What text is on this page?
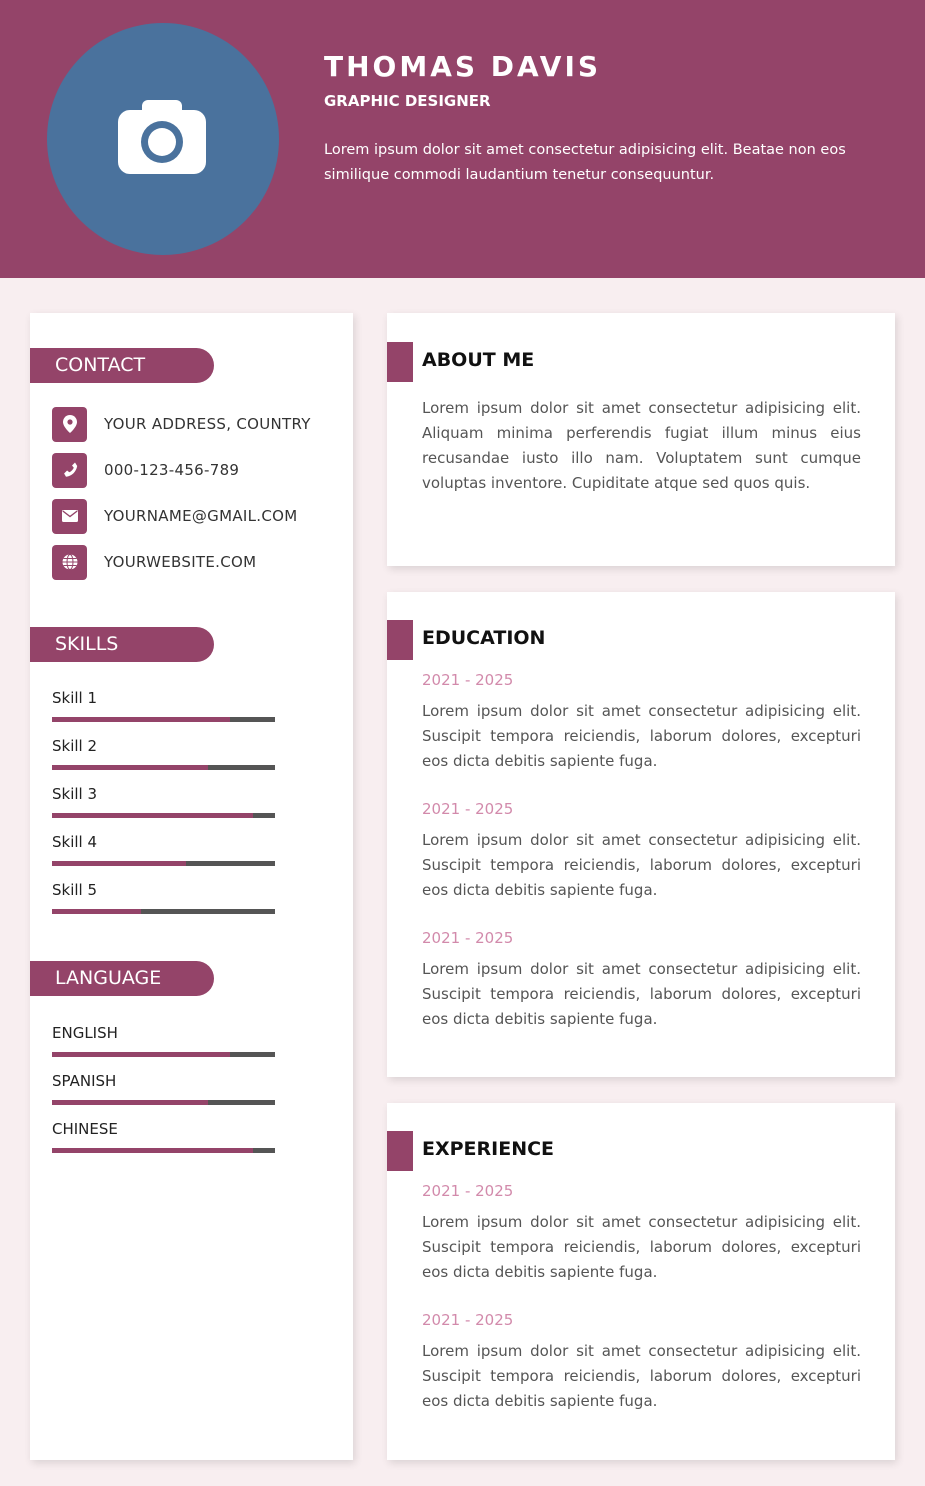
THOMAS DAVIS
GRAPHIC DESIGNER
Lorem ipsum dolor sit amet consectetur adipisicing elit. Beatae non eos similique commodi laudantium tenetur consequuntur.
CONTACT
YOUR ADDRESS, COUNTRY
000-123-456-789
YOURNAME@GMAIL.COM
YOURWEBSITE.COM
SKILLS
Skill 1
Skill 2
Skill 3
Skill 4
Skill 5
LANGUAGE
ENGLISH
SPANISH
CHINESE
ABOUT ME
Lorem ipsum dolor sit amet consectetur adipisicing elit. Aliquam minima perferendis fugiat illum minus eius recusandae iusto illo nam. Voluptatem sunt cumque voluptas inventore. Cupiditate atque sed quos quis.
EDUCATION
2021 - 2025
Lorem ipsum dolor sit amet consectetur adipisicing elit. Suscipit tempora reiciendis, laborum dolores, excepturi eos dicta debitis sapiente fuga.
2021 - 2025
Lorem ipsum dolor sit amet consectetur adipisicing elit. Suscipit tempora reiciendis, laborum dolores, excepturi eos dicta debitis sapiente fuga.
2021 - 2025
Lorem ipsum dolor sit amet consectetur adipisicing elit. Suscipit tempora reiciendis, laborum dolores, excepturi eos dicta debitis sapiente fuga.
EXPERIENCE
2021 - 2025
Lorem ipsum dolor sit amet consectetur adipisicing elit. Suscipit tempora reiciendis, laborum dolores, excepturi eos dicta debitis sapiente fuga.
2021 - 2025
Lorem ipsum dolor sit amet consectetur adipisicing elit. Suscipit tempora reiciendis, laborum dolores, excepturi eos dicta debitis sapiente fuga.
